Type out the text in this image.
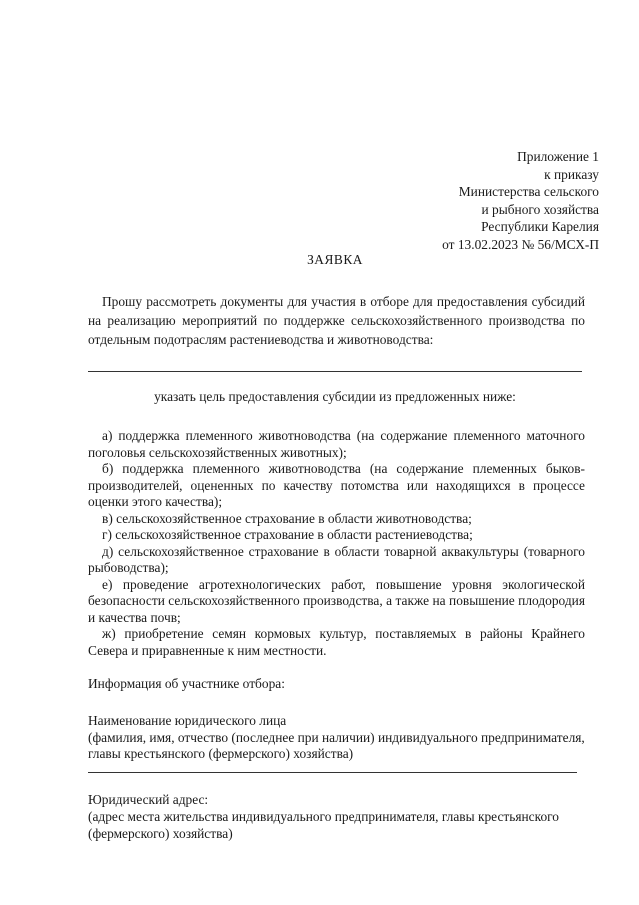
Приложение 1
к приказу
Министерства сельского
и рыбного хозяйства
Республики Карелия
от 13.02.2023 № 56/МСХ-П
ЗАЯВКА
Прошу рассмотреть документы для участия в отборе для предоставления субсидий на реализацию мероприятий по поддержке сельскохозяйственного производства по отдельным подотраслям растениеводства и животноводства:
указать цель предоставления субсидии из предложенных ниже:
а) поддержка племенного животноводства (на содержание племенного маточного поголовья сельскохозяйственных животных);
б) поддержка племенного животноводства (на содержание племенных быков-производителей, оцененных по качеству потомства или находящихся в процессе оценки этого качества);
в) сельскохозяйственное страхование в области животноводства;
г) сельскохозяйственное страхование в области растениеводства;
д) сельскохозяйственное страхование в области товарной аквакультуры (товарного рыбоводства);
е) проведение агротехнологических работ, повышение уровня экологической безопасности сельскохозяйственного производства, а также на повышение плодородия и качества почв;
ж) приобретение семян кормовых культур, поставляемых в районы Крайнего Севера и приравненные к ним местности.
Информация об участнике отбора:
Наименование юридического лица
(фамилия, имя, отчество (последнее при наличии) индивидуального предпринимателя, главы крестьянского (фермерского) хозяйства)
Юридический адрес:
(адрес места жительства индивидуального предпринимателя, главы крестьянского (фермерского) хозяйства)
